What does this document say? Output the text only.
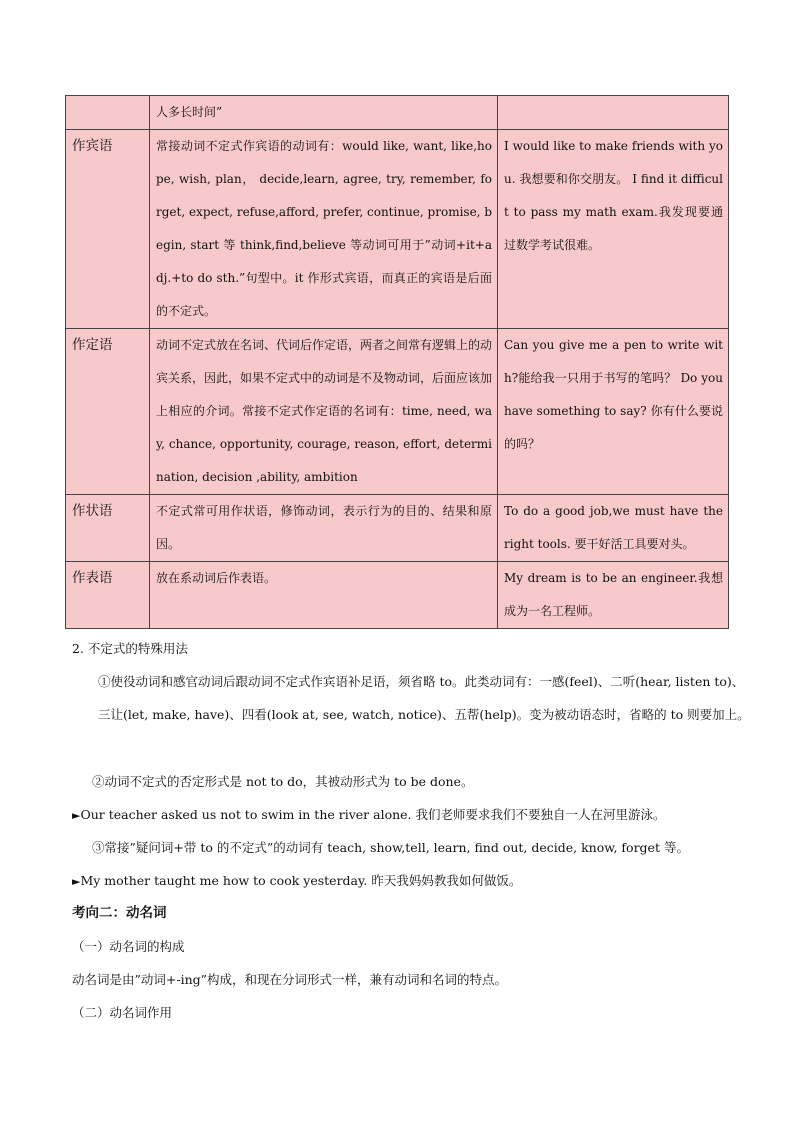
	人多长时间”	
作宾语	常接动词不定式作宾语的动词有：would like, want, like,hope, wish, plan， decide,learn, agree, try, remember, forget, expect, refuse,afford, prefer, continue, promise, begin, start 等 think,find,believe 等动词可用于”动词+it+adj.+to do sth.”句型中。it 作形式宾语，而真正的宾语是后面的不定式。	I would like to make friends with you. 我想要和你交朋友。 I find it difficult to pass my math exam.我发现要通过数学考试很难。
作定语	动词不定式放在名词、代词后作定语，两者之间常有逻辑上的动宾关系，因此，如果不定式中的动词是不及物动词，后面应该加上相应的介词。常接不定式作定语的名词有：time, need, way, chance, opportunity, courage, reason, effort, determination, decision ,ability, ambition	Can you give me a pen to write with?能给我一只用于书写的笔吗？ Do you have something to say? 你有什么要说的吗？
作状语	不定式常可用作状语，修饰动词，表示行为的目的、结果和原因。	To do a good job,we must have the right tools. 要干好活工具要对头。
作表语	放在系动词后作表语。	My dream is to be an engineer.我想成为一名工程师。
2. 不定式的特殊用法
①使役动词和感官动词后跟动词不定式作宾语补足语，须省略 to。此类动词有：一感(feel)、二听(hear, listen to)、三让(let, make, have)、四看(look at, see, watch, notice)、五帮(help)。变为被动语态时，省略的 to 则要加上。
②动词不定式的否定形式是 not to do，其被动形式为 to be done。
►Our teacher asked us not to swim in the river alone. 我们老师要求我们不要独自一人在河里游泳。
③常接”疑问词+带 to 的不定式”的动词有 teach, show,tell, learn, find out, decide, know, forget 等。
►My mother taught me how to cook yesterday. 昨天我妈妈教我如何做饭。
考向二：动名词
（一）动名词的构成
动名词是由”动词+-ing”构成，和现在分词形式一样，兼有动词和名词的特点。
（二）动名词作用
